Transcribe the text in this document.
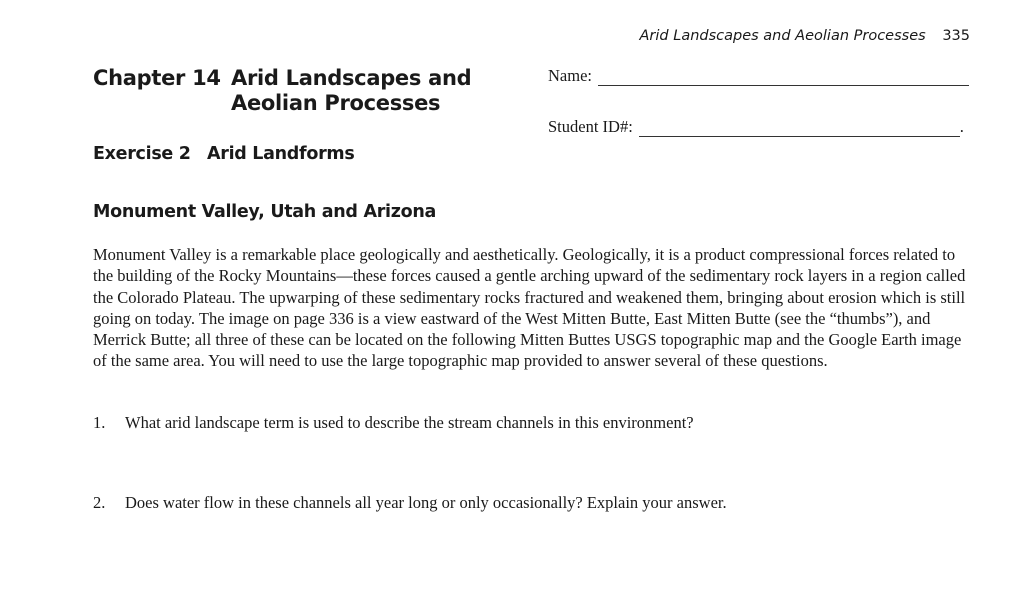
Arid Landscapes and Aeolian Processes 335
Chapter 14 Arid Landscapes and
Aeolian Processes
Name:
Student ID#:	.
Exercise 2 Arid Landforms
Monument Valley, Utah and Arizona
Monument Valley is a remarkable place geologically and aesthetically. Geologically, it is a product compressional forces related to the building of the Rocky Mountains—these forces caused a gentle arching upward of the sedimentary rock layers in a region called the Colorado Plateau. The upwarping of these sedimentary rocks fractured and weakened them, bringing about erosion which is still going on today. The image on page 336 is a view eastward of the West Mitten Butte, East Mitten Butte (see the “thumbs”), and Merrick Butte; all three of these can be located on the following Mitten Buttes USGS topographic map and the Google Earth image of the same area. You will need to use the large topographic map provided to answer several of these questions.
1. What arid landscape term is used to describe the stream channels in this environment?
2. Does water flow in these channels all year long or only occasionally? Explain your answer.
